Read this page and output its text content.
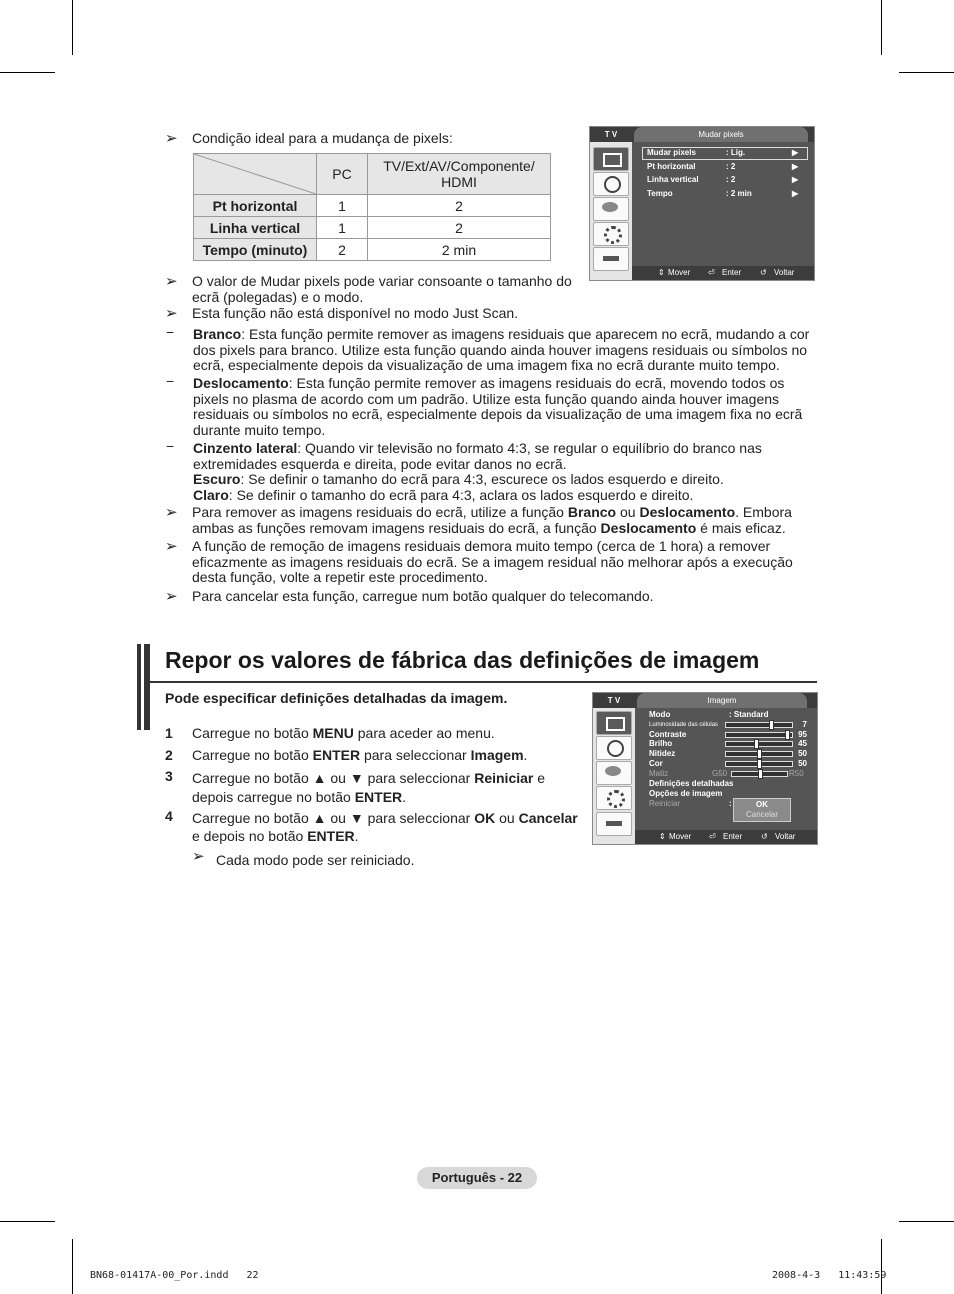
➢ Condição ideal para a mudança de pixels:
	PC	TV/Ext/AV/Componente/
HDMI
Pt horizontal	1	2
Linha vertical	1	2
Tempo (minuto)	2	2 min
T V	Mudar pixels
Mudar pixels	: Lig.
Pt horizontal	: 2
Linha vertical	: 2
Tempo	: 2 min
▶
▶
▶
▶
⇕ Mover ⏎ Enter ↺ Voltar
➢ O valor de Mudar pixels pode variar consoante o tamanho do ecrã (polegadas) e o modo.
➢ Esta função não está disponível no modo Just Scan.
− Branco: Esta função permite remover as imagens residuais que aparecem no ecrã, mudando a cor dos pixels para branco. Utilize esta função quando ainda houver imagens residuais ou símbolos no ecrã, especialmente depois da visualização de uma imagem fixa no ecrã durante muito tempo.
− Deslocamento: Esta função permite remover as imagens residuais do ecrã, movendo todos os pixels no plasma de acordo com um padrão. Utilize esta função quando ainda houver imagens residuais ou símbolos no ecrã, especialmente depois da visualização de uma imagem fixa no ecrã durante muito tempo.
− Cinzento lateral: Quando vir televisão no formato 4:3, se regular o equilíbrio do branco nas extremidades esquerda e direita, pode evitar danos no ecrã.
Escuro: Se definir o tamanho do ecrã para 4:3, escurece os lados esquerdo e direito.
Claro: Se definir o tamanho do ecrã para 4:3, aclara os lados esquerdo e direito.
➢ Para remover as imagens residuais do ecrã, utilize a função Branco ou Deslocamento. Embora ambas as funções removam imagens residuais do ecrã, a função Deslocamento é mais eficaz.
➢ A função de remoção de imagens residuais demora muito tempo (cerca de 1 hora) a remover eficazmente as imagens residuais do ecrã. Se a imagem residual não melhorar após a execução desta função, volte a repetir este procedimento.
➢ Para cancelar esta função, carregue num botão qualquer do telecomando.
Repor os valores de fábrica das definições de imagem
Pode especificar definições detalhadas da imagem.
1 Carregue no botão MENU para aceder ao menu.
2 Carregue no botão ENTER para seleccionar Imagem.
3 Carregue no botão ▲ ou ▼ para seleccionar Reiniciar e depois carregue no botão ENTER.
4 Carregue no botão ▲ ou ▼ para seleccionar OK ou Cancelar e depois no botão ENTER.
➢ Cada modo pode ser reiniciado.
T V	Imagem
Modo	: Standard
Luminosidade das células	7
Contraste	95
Brilho	45
Nitidez	50
Cor	50
Matiz	G50	R50
Definições detalhadas
Opções de imagem
Reiniciar	:	OK
Cancelar
⇕ Mover ⏎ Enter ↺ Voltar
Português - 22
BN68-01417A-00_Por.indd   22	2008-4-3   11:43:59
